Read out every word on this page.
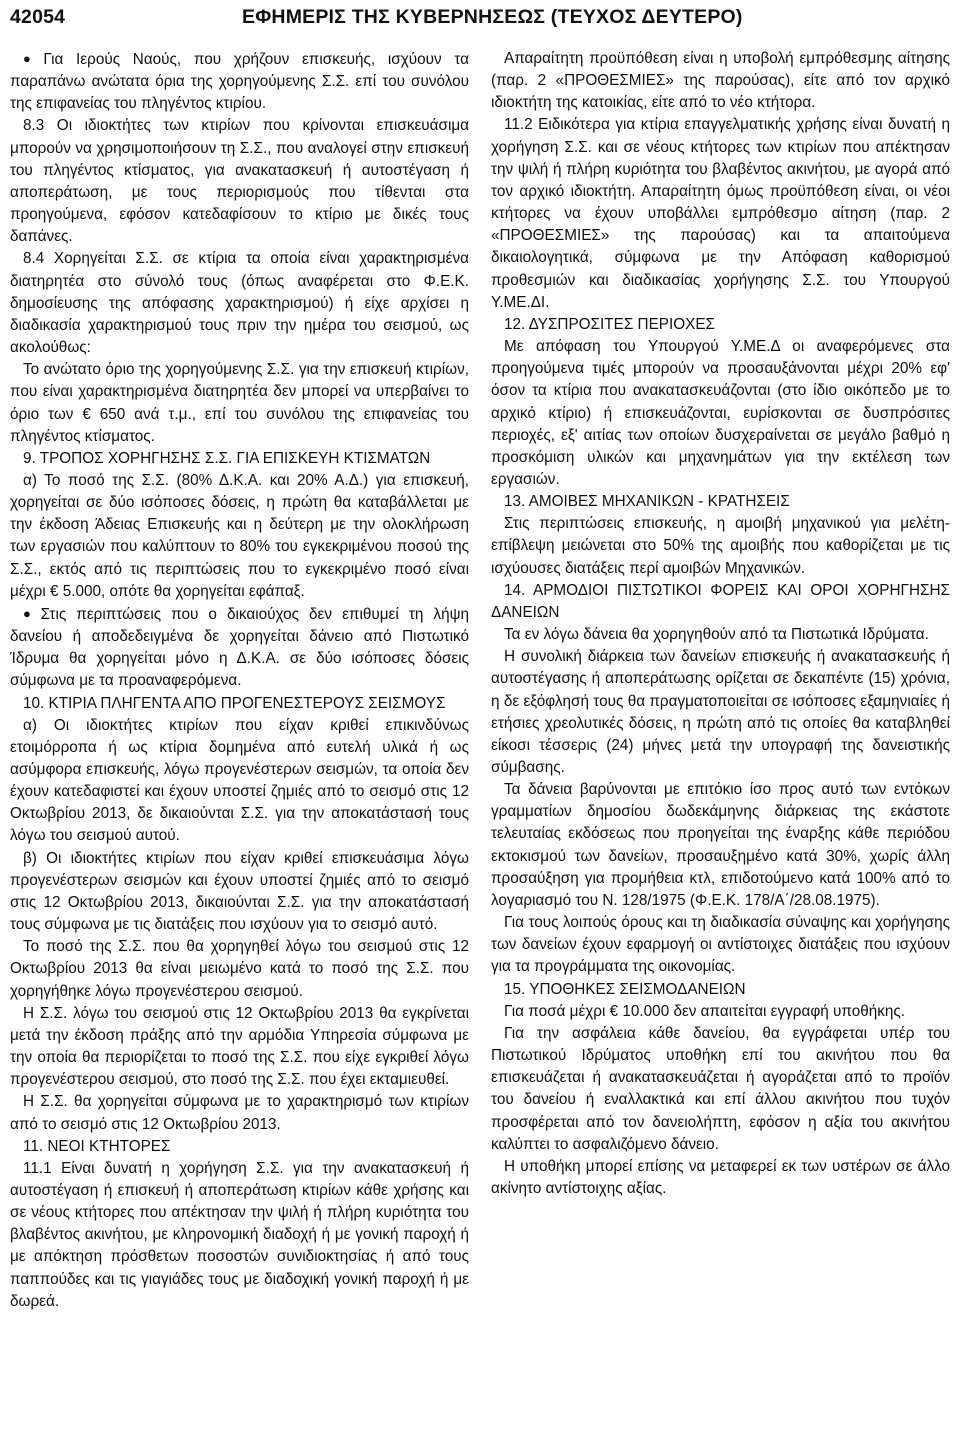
42054	ΕΦΗΜΕΡΙΣ ΤΗΣ ΚΥΒΕΡΝΗΣΕΩΣ (ΤΕΥΧΟΣ ΔΕΥΤΕΡΟ)

● Για Ιερούς Ναούς, που χρήζουν επισκευής, ισχύουν τα παραπάνω ανώτατα όρια της χορηγούμενης Σ.Σ. επί του συνόλου της επιφανείας του πληγέντος κτιρίου.

8.3 Οι ιδιοκτήτες των κτιρίων που κρίνονται επισκευάσιμα μπορούν να χρησιμοποιήσουν τη Σ.Σ., που αναλογεί στην επισκευή του πληγέντος κτίσματος, για ανακατασκευή ή αυτοστέγαση ή αποπεράτωση, με τους περιορισμούς που τίθενται στα προηγούμενα, εφόσον κατεδαφίσουν το κτίριο με δικές τους δαπάνες.

8.4 Χορηγείται Σ.Σ. σε κτίρια τα οποία είναι χαρακτηρισμένα διατηρητέα στο σύνολό τους (όπως αναφέρεται στο Φ.Ε.Κ. δημοσίευσης της απόφασης χαρακτηρισμού) ή είχε αρχίσει η διαδικασία χαρακτηρισμού τους πριν την ημέρα του σεισμού, ως ακολούθως:

Το ανώτατο όριο της χορηγούμενης Σ.Σ. για την επισκευή κτιρίων, που είναι χαρακτηρισμένα διατηρητέα δεν μπορεί να υπερβαίνει το όριο των € 650 ανά τ.μ., επί του συνόλου της επιφανείας του πληγέντος κτίσματος.

9. ΤΡΟΠΟΣ ΧΟΡΗΓΗΣΗΣ Σ.Σ. ΓΙΑ ΕΠΙΣΚΕΥΗ ΚΤΙΣΜΑΤΩΝ

α) Το ποσό της Σ.Σ. (80% Δ.Κ.Α. και 20% Α.Δ.) για επισκευή, χορηγείται σε δύο ισόποσες δόσεις, η πρώτη θα καταβάλλεται με την έκδοση Άδειας Επισκευής και η δεύτερη με την ολοκλήρωση των εργασιών που καλύπτουν το 80% του εγκεκριμένου ποσού της Σ.Σ., εκτός από τις περιπτώσεις που το εγκεκριμένο ποσό είναι μέχρι € 5.000, οπότε θα χορηγείται εφάπαξ.

● Στις περιπτώσεις που ο δικαιούχος δεν επιθυμεί τη λήψη δανείου ή αποδεδειγμένα δε χορηγείται δάνειο από Πιστωτικό Ίδρυμα θα χορηγείται μόνο η Δ.Κ.Α. σε δύο ισόποσες δόσεις σύμφωνα με τα προαναφερόμενα.

10. ΚΤΙΡΙΑ ΠΛΗΓΕΝΤΑ ΑΠΟ ΠΡΟΓΕΝΕΣΤΕΡΟΥΣ ΣΕΙΣΜΟΥΣ

α) Οι ιδιοκτήτες κτιρίων που είχαν κριθεί επικινδύνως ετοιμόρροπα ή ως κτίρια δομημένα από ευτελή υλικά ή ως ασύμφορα επισκευής, λόγω προγενέστερων σεισμών, τα οποία δεν έχουν κατεδαφιστεί και έχουν υποστεί ζημιές από το σεισμό στις 12 Οκτωβρίου 2013, δε δικαιούνται Σ.Σ. για την αποκατάστασή τους λόγω του σεισμού αυτού.

β) Οι ιδιοκτήτες κτιρίων που είχαν κριθεί επισκευάσιμα λόγω προγενέστερων σεισμών και έχουν υποστεί ζημιές από το σεισμό στις 12 Οκτωβρίου 2013, δικαιούνται Σ.Σ. για την αποκατάστασή τους σύμφωνα με τις διατάξεις που ισχύουν για το σεισμό αυτό.

Το ποσό της Σ.Σ. που θα χορηγηθεί λόγω του σεισμού στις 12 Οκτωβρίου 2013 θα είναι μειωμένο κατά το ποσό της Σ.Σ. που χορηγήθηκε λόγω προγενέστερου σεισμού.

Η Σ.Σ. λόγω του σεισμού στις 12 Οκτωβρίου 2013 θα εγκρίνεται μετά την έκδοση πράξης από την αρμόδια Υπηρεσία σύμφωνα με την οποία θα περιορίζεται το ποσό της Σ.Σ. που είχε εγκριθεί λόγω προγενέστερου σεισμού, στο ποσό της Σ.Σ. που έχει εκταμιευθεί.

Η Σ.Σ. θα χορηγείται σύμφωνα με το χαρακτηρισμό των κτιρίων από το σεισμό στις 12 Οκτωβρίου 2013.

11. ΝΕΟΙ ΚΤΗΤΟΡΕΣ

11.1 Είναι δυνατή η χορήγηση Σ.Σ. για την ανακατασκευή ή αυτοστέγαση ή επισκευή ή αποπεράτωση κτιρίων κάθε χρήσης και σε νέους κτήτορες που απέκτησαν την ψιλή ή πλήρη κυριότητα του βλαβέντος ακινήτου, με κληρονομική διαδοχή ή με γονική παροχή ή με απόκτηση πρόσθετων ποσοστών συνιδιοκτησίας ή από τους παππούδες και τις γιαγιάδες τους με διαδοχική γονική παροχή ή με δωρεά.

Απαραίτητη προϋπόθεση είναι η υποβολή εμπρόθεσμης αίτησης (παρ. 2 «ΠΡΟΘΕΣΜΙΕΣ» της παρούσας), είτε από τον αρχικό ιδιοκτήτη της κατοικίας, είτε από το νέο κτήτορα.

11.2 Ειδικότερα για κτίρια επαγγελματικής χρήσης είναι δυνατή η χορήγηση Σ.Σ. και σε νέους κτήτορες των κτιρίων που απέκτησαν την ψιλή ή πλήρη κυριότητα του βλαβέντος ακινήτου, με αγορά από τον αρχικό ιδιοκτήτη. Απαραίτητη όμως προϋπόθεση είναι, οι νέοι κτήτορες να έχουν υποβάλλει εμπρόθεσμο αίτηση (παρ. 2 «ΠΡΟΘΕΣΜΙΕΣ» της παρούσας) και τα απαιτούμενα δικαιολογητικά, σύμφωνα με την Απόφαση καθορισμού προθεσμιών και διαδικασίας χορήγησης Σ.Σ. του Υπουργού Υ.ΜΕ.ΔΙ.

12. ΔΥΣΠΡΟΣΙΤΕΣ ΠΕΡΙΟΧΕΣ

Με απόφαση του Υπουργού Υ.ΜΕ.Δ οι αναφερόμενες στα προηγούμενα τιμές μπορούν να προσαυξάνονται μέχρι 20% εφ' όσον τα κτίρια που ανακατασκευάζονται (στο ίδιο οικόπεδο με το αρχικό κτίριο) ή επισκευάζονται, ευρίσκονται σε δυσπρόσιτες περιοχές, εξ' αιτίας των οποίων δυσχεραίνεται σε μεγάλο βαθμό η προσκόμιση υλικών και μηχανημάτων για την εκτέλεση των εργασιών.

13. ΑΜΟΙΒΕΣ ΜΗΧΑΝΙΚΩΝ - ΚΡΑΤΗΣΕΙΣ

Στις περιπτώσεις επισκευής, η αμοιβή μηχανικού για μελέτη-επίβλεψη μειώνεται στο 50% της αμοιβής που καθορίζεται με τις ισχύουσες διατάξεις περί αμοιβών Μηχανικών.

14. ΑΡΜΟΔΙΟΙ ΠΙΣΤΩΤΙΚΟΙ ΦΟΡΕΙΣ ΚΑΙ ΟΡΟΙ ΧΟΡΗΓΗΣΗΣ ΔΑΝΕΙΩΝ

Τα εν λόγω δάνεια θα χορηγηθούν από τα Πιστωτικά Ιδρύματα.

Η συνολική διάρκεια των δανείων επισκευής ή ανακατασκευής ή αυτοστέγασης ή αποπεράτωσης ορίζεται σε δεκαπέντε (15) χρόνια, η δε εξόφλησή τους θα πραγματοποιείται σε ισόποσες εξαμηνιαίες ή ετήσιες χρεολυτικές δόσεις, η πρώτη από τις οποίες θα καταβληθεί είκοσι τέσσερις (24) μήνες μετά την υπογραφή της δανειστικής σύμβασης.

Τα δάνεια βαρύνονται με επιτόκιο ίσο προς αυτό των εντόκων γραμματίων δημοσίου δωδεκάμηνης διάρκειας της εκάστοτε τελευταίας εκδόσεως που προηγείται της έναρξης κάθε περιόδου εκτοκισμού των δανείων, προσαυξημένο κατά 30%, χωρίς άλλη προσαύξηση για προμήθεια κτλ, επιδοτούμενο κατά 100% από το λογαριασμό του Ν. 128/1975 (Φ.Ε.Κ. 178/Α΄/28.08.1975).

Για τους λοιπούς όρους και τη διαδικασία σύναψης και χορήγησης των δανείων έχουν εφαρμογή οι αντίστοιχες διατάξεις που ισχύουν για τα προγράμματα της οικονομίας.

15. ΥΠΟΘΗΚΕΣ ΣΕΙΣΜΟΔΑΝΕΙΩΝ

Για ποσά μέχρι € 10.000 δεν απαιτείται εγγραφή υποθήκης.

Για την ασφάλεια κάθε δανείου, θα εγγράφεται υπέρ του Πιστωτικού Ιδρύματος υποθήκη επί του ακινήτου που θα επισκευάζεται ή ανακατασκευάζεται ή αγοράζεται από το προϊόν του δανείου ή εναλλακτικά και επί άλλου ακινήτου που τυχόν προσφέρεται από τον δανειολήπτη, εφόσον η αξία του ακινήτου καλύπτει το ασφαλιζόμενο δάνειο.

Η υποθήκη μπορεί επίσης να μεταφερεί εκ των υστέρων σε άλλο ακίνητο αντίστοιχης αξίας.
